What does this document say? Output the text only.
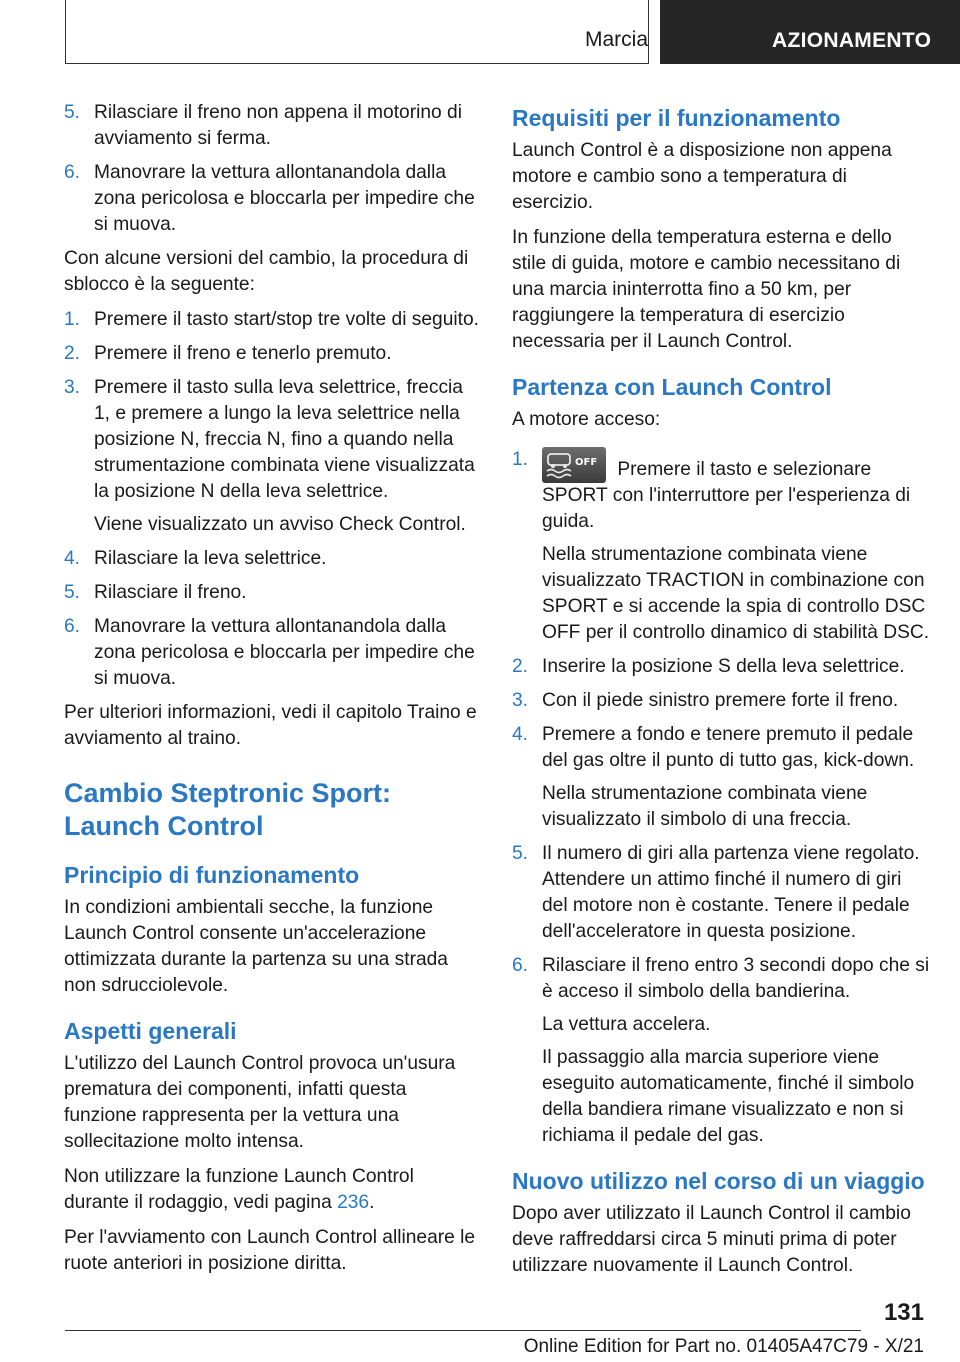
Marcia	AZIONAMENTO
5. Rilasciare il freno non appena il motorino di avviamento si ferma.
6. Manovrare la vettura allontanandola dalla zona pericolosa e bloccarla per impedire che si muova.

Con alcune versioni del cambio, la procedura di sblocco è la seguente:

1. Premere il tasto start/stop tre volte di seguito.
2. Premere il freno e tenerlo premuto.
3. Premere il tasto sulla leva selettrice, freccia 1, e premere a lungo la leva selettrice nella posizione N, freccia N, fino a quando nella strumentazione combinata viene visualizzata la posizione N della leva selettrice.
Viene visualizzato un avviso Check Control.
4. Rilasciare la leva selettrice.
5. Rilasciare il freno.
6. Manovrare la vettura allontanandola dalla zona pericolosa e bloccarla per impedire che si muova.

Per ulteriori informazioni, vedi il capitolo Traino e avviamento al traino.

Cambio Steptronic Sport: Launch Control
Principio di funzionamento

In condizioni ambientali secche, la funzione Launch Control consente un'accelerazione ottimizzata durante la partenza su una strada non sdrucciolevole.

Aspetti generali

L'utilizzo del Launch Control provoca un'usura prematura dei componenti, infatti questa funzione rappresenta per la vettura una sollecitazione molto intensa.

Non utilizzare la funzione Launch Control durante il rodaggio, vedi pagina 236.

Per l'avviamento con Launch Control allineare le ruote anteriori in posizione diritta.

Requisiti per il funzionamento

Launch Control è a disposizione non appena motore e cambio sono a temperatura di esercizio.

In funzione della temperatura esterna e dello stile di guida, motore e cambio necessitano di una marcia ininterrotta fino a 50 km, per raggiungere la temperatura di esercizio necessaria per il Launch Control.

Partenza con Launch Control

A motore acceso:

1.	OFF Premere il tasto e selezionare SPORT con l'interruttore per l'esperienza di guida.
Nella strumentazione combinata viene visualizzato TRACTION in combinazione con SPORT e si accende la spia di controllo DSC OFF per il controllo dinamico di stabilità DSC.
2. Inserire la posizione S della leva selettrice.
3. Con il piede sinistro premere forte il freno.
4. Premere a fondo e tenere premuto il pedale del gas oltre il punto di tutto gas, kick-down.
Nella strumentazione combinata viene visualizzato il simbolo di una freccia.
5. Il numero di giri alla partenza viene regolato. Attendere un attimo finché il numero di giri del motore non è costante. Tenere il pedale dell'acceleratore in questa posizione.
6. Rilasciare il freno entro 3 secondi dopo che si è acceso il simbolo della bandierina.
La vettura accelera.
Il passaggio alla marcia superiore viene eseguito automaticamente, finché il simbolo della bandiera rimane visualizzato e non si richiama il pedale del gas.
Nuovo utilizzo nel corso di un viaggio

Dopo aver utilizzato il Launch Control il cambio deve raffreddarsi circa 5 minuti prima di poter utilizzare nuovamente il Launch Control.

131
Online Edition for Part no. 01405A47C79 - X/21
